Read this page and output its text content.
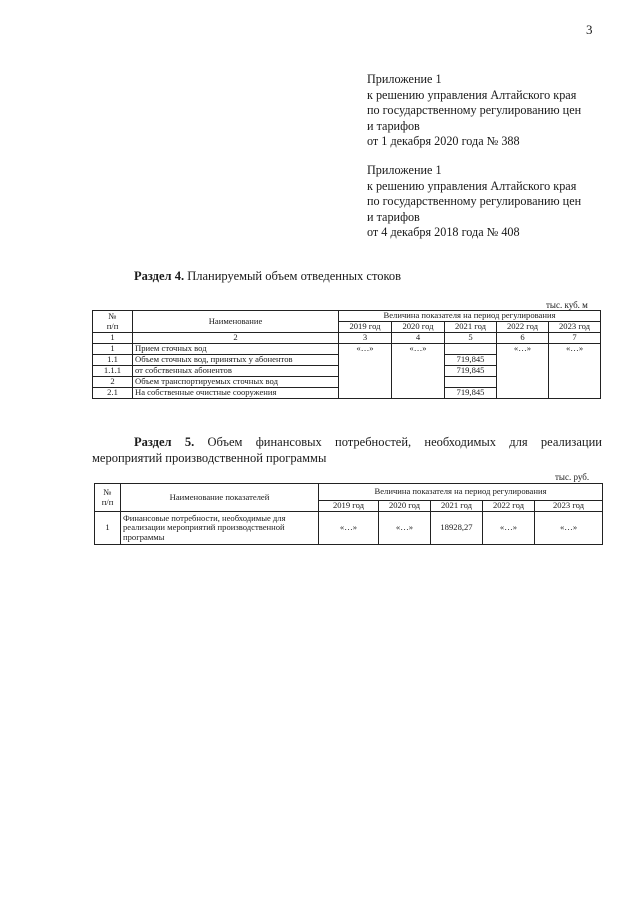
3
Приложение 1
к решению управления Алтайского края
по государственному регулированию цен
и тарифов
от 1 декабря 2020 года № 388
Приложение 1
к решению управления Алтайского края
по государственному регулированию цен
и тарифов
от 4 декабря 2018 года № 408
Раздел 4. Планируемый объем отведенных стоков
тыс. куб. м
№
п/п	Наименование	Величина показателя на период регулирования				
		2019 год	2020 год	2021 год	2022 год	2023 год
1	2	3	4	5	6	7
1	Прием сточных вод	«…»	«…»		«…»	«…»
1.1	Объем сточных вод, принятых у абонентов			719,845		
1.1.1	от собственных абонентов			719,845		
2	Объем транспортируемых сточных вод					
2.1	На собственные очистные сооружения			719,845		
Раздел 5. Объем финансовых потребностей, необходимых для реализации мероприятий производственной программы
тыс. руб.
№
п/п	Наименование показателей	Величина показателя на период регулирования				
		2019 год	2020 год	2021 год	2022 год	2023 год
1	Финансовые потребности, необходимые для реализации мероприятий производственной программы	«…»	«…»	18928,27	«…»	«…»
